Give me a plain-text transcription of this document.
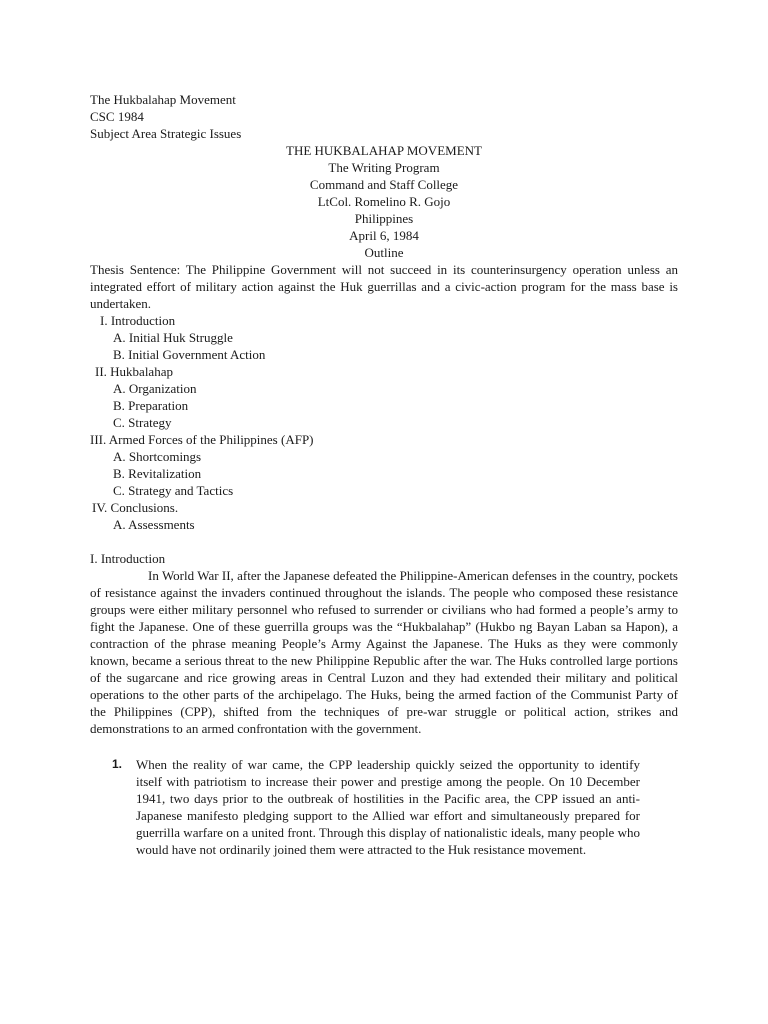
The Hukbalahap Movement
CSC 1984
Subject Area Strategic Issues
THE HUKBALAHAP MOVEMENT
The Writing Program
Command and Staff College
LtCol. Romelino R. Gojo
Philippines
April 6, 1984
Outline
Thesis Sentence: The Philippine Government will not succeed in its counterinsurgency operation unless an integrated effort of military action against the Huk guerrillas and a civic-action program for the mass base is undertaken.
I. Introduction
A. Initial Huk Struggle
B. Initial Government Action
II. Hukbalahap
A. Organization
B. Preparation
C. Strategy
III. Armed Forces of the Philippines (AFP)
A. Shortcomings
B. Revitalization
C. Strategy and Tactics
IV. Conclusions.
A. Assessments
I. Introduction
In World War II, after the Japanese defeated the Philippine-American defenses in the country, pockets of resistance against the invaders continued throughout the islands. The people who composed these resistance groups were either military personnel who refused to surrender or civilians who had formed a people’s army to fight the Japanese. One of these guerrilla groups was the “Hukbalahap” (Hukbo ng Bayan Laban sa Hapon), a contraction of the phrase meaning People’s Army Against the Japanese. The Huks as they were commonly known, became a serious threat to the new Philippine Republic after the war. The Huks controlled large portions of the sugarcane and rice growing areas in Central Luzon and they had extended their military and political operations to the other parts of the archipelago. The Huks, being the armed faction of the Communist Party of the Philippines (CPP), shifted from the techniques of pre-war struggle or political action, strikes and demonstrations to an armed confrontation with the government.
1.	When the reality of war came, the CPP leadership quickly seized the opportunity to identify itself with patriotism to increase their power and prestige among the people. On 10 December 1941, two days prior to the outbreak of hostilities in the Pacific area, the CPP issued an anti-Japanese manifesto pledging support to the Allied war effort and simultaneously prepared for guerrilla warfare on a united front. Through this display of nationalistic ideals, many people who would have not ordinarily joined them were attracted to the Huk resistance movement.
